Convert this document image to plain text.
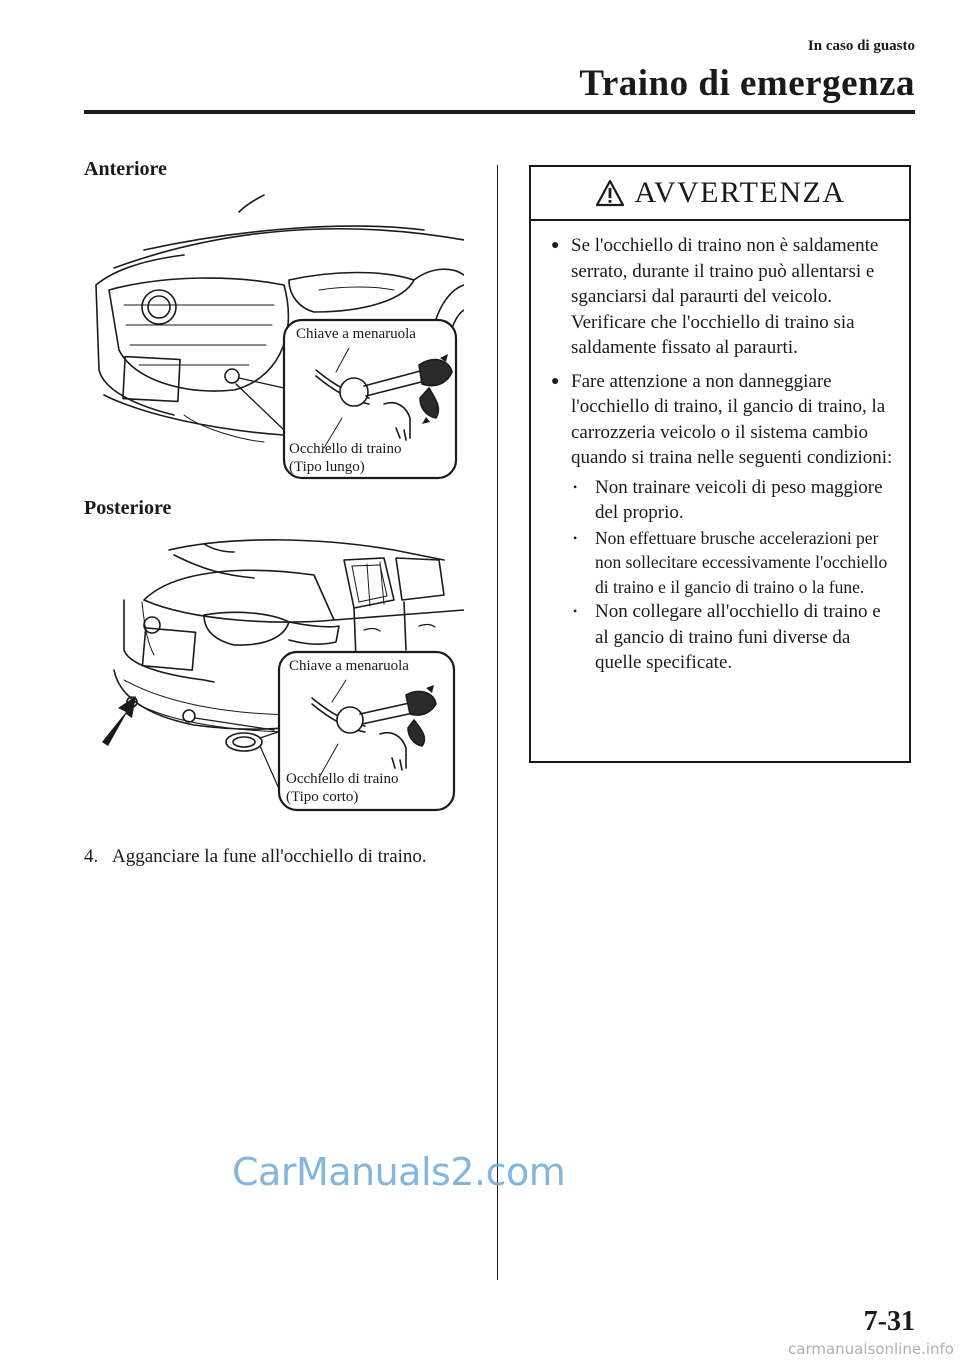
In caso di guasto
Traino di emergenza
Anteriore
Chiave a menaruola
Occhiello di traino
(Tipo lungo)
Posteriore
Chiave a menaruola
Occhiello di traino
(Tipo corto)
4. Agganciare la fune all'occhiello di traino.
AVVERTENZA
● Se l'occhiello di traino non è saldamente serrato, durante il traino può allentarsi e sganciarsi dal paraurti del veicolo. Verificare che l'occhiello di traino sia saldamente fissato al paraurti.
● Fare attenzione a non danneggiare l'occhiello di traino, il gancio di traino, la carrozzeria veicolo o il sistema cambio quando si traina nelle seguenti condizioni:
• Non trainare veicoli di peso maggiore del proprio.
•	Non effettuare brusche accelerazioni per non sollecitare eccessivamente l'occhiello di traino e il gancio di traino o la fune.
• Non collegare all'occhiello di traino e al gancio di traino funi diverse da quelle specificate.
CarManuals2.com
7-31
carmanualsonline.info
